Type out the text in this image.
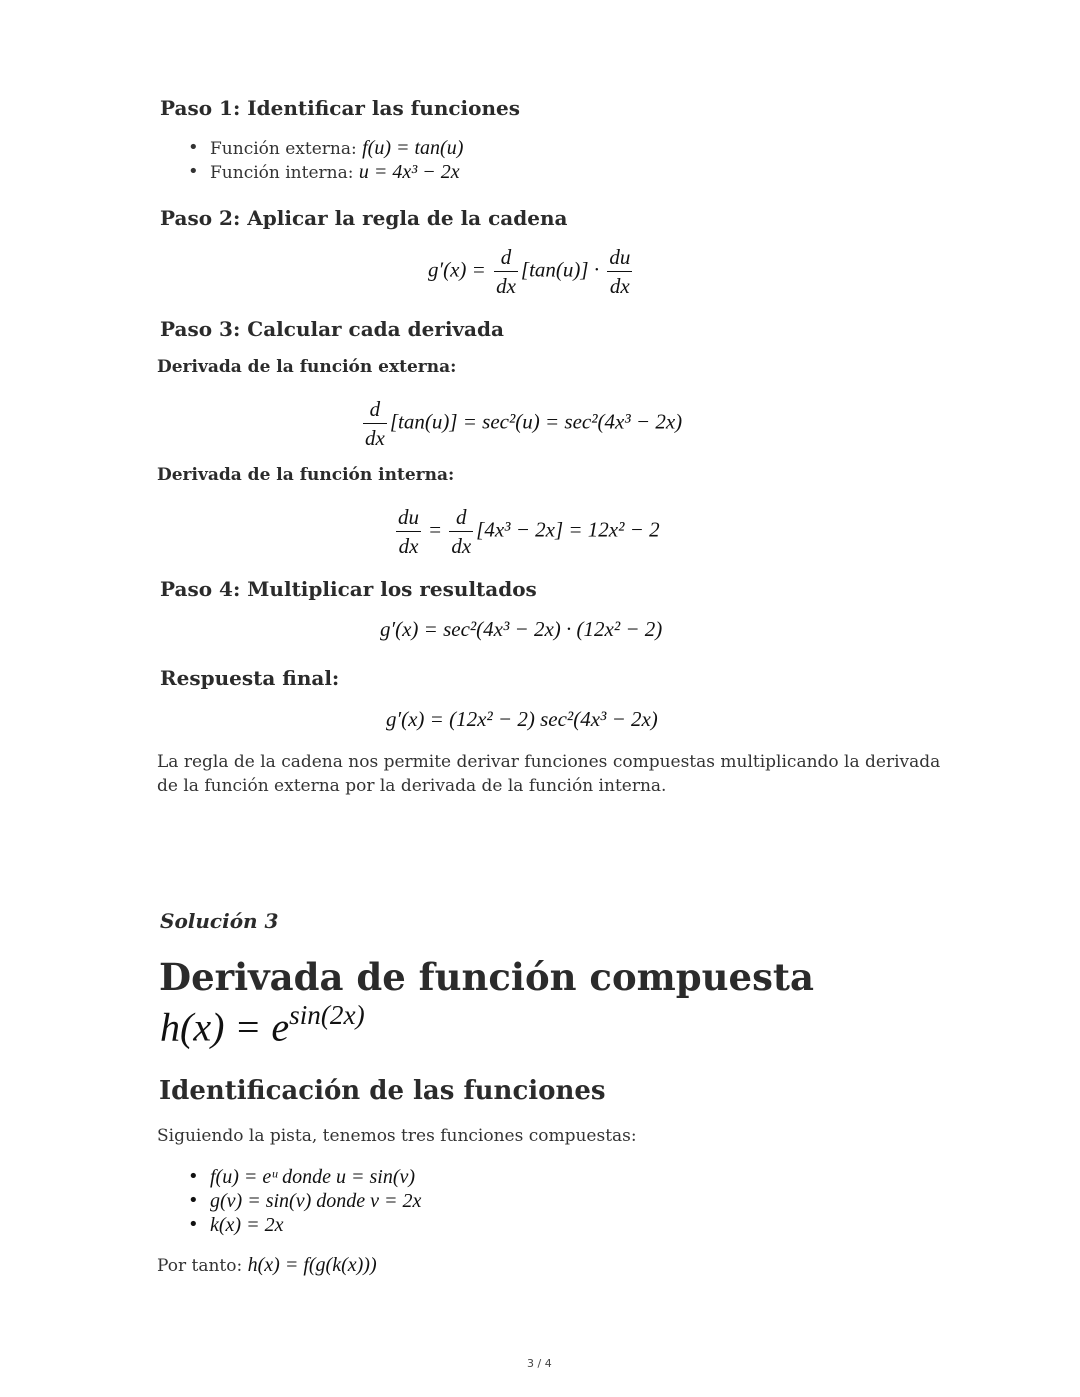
Paso 1: Identificar las funciones
• Función externa: f(u) = tan(u)
• Función interna: u = 4x³ − 2x
Paso 2: Aplicar la regla de la cadena
$g'(x) = \frac{d}{dx} [\tan(u)] \cdot \frac{du}{dx}$
Paso 3: Calcular cada derivada
Derivada de la función externa:
$\frac{d}{dx} [\tan(u)] = \sec^2(u) = \sec^2(4x^3 - 2x)$
Derivada de la función interna:
$\frac{du}{dx} = \frac{d}{dx} [4x^3 - 2x] = 12x^2 - 2$
Paso 4: Multiplicar los resultados
g′(x) = sec²(4x³ − 2x) · (12x² − 2)
Respuesta final:
g′(x) = (12x² − 2) sec²(4x³ − 2x)
La regla de la cadena nos permite derivar funciones compuestas multiplicando la derivada
de la función externa por la derivada de la función interna.
Solución 3
Derivada de función compuesta
$h(x) = e^{sin(2x)}$
Identificación de las funciones
Siguiendo la pista, tenemos tres funciones compuestas:
• f(u) = eᵘ donde u = sin(v)
• g(v) = sin(v) donde v = 2x
• k(x) = 2x
Por tanto: h(x) = f(g(k(x)))
3 / 4
